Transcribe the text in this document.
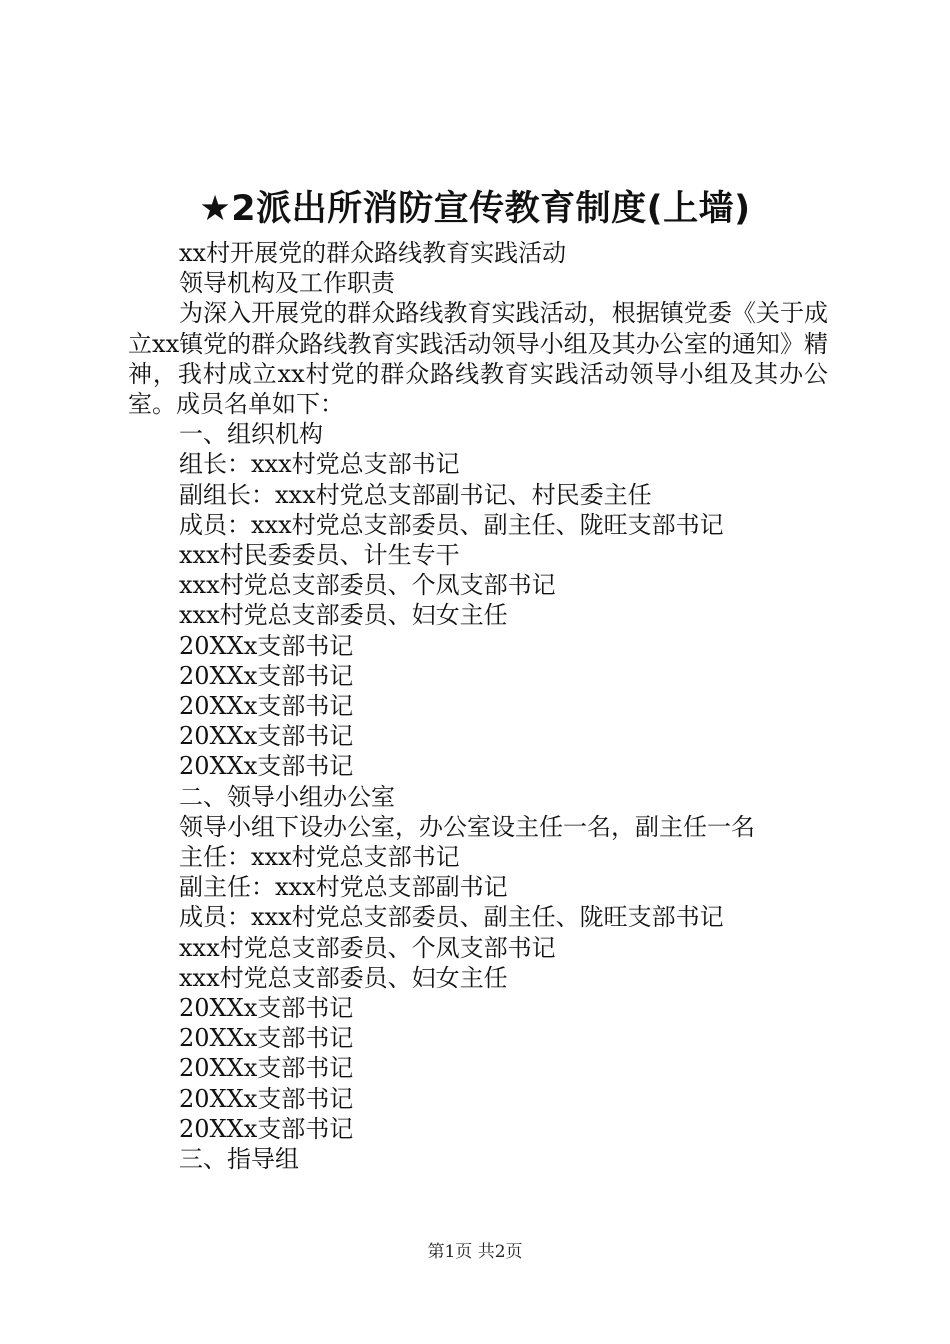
★2派出所消防宣传教育制度(上墙)
xx村开展党的群众路线教育实践活动
领导机构及工作职责
为深入开展党的群众路线教育实践活动，根据镇党委《关于成立xx镇党的群众路线教育实践活动领导小组及其办公室的通知》精神，我村成立xx村党的群众路线教育实践活动领导小组及其办公室。成员名单如下：
一、组织机构
组长：xxx村党总支部书记
副组长：xxx村党总支部副书记、村民委主任
成员：xxx村党总支部委员、副主任、陇旺支部书记
xxx村民委委员、计生专干
xxx村党总支部委员、个凤支部书记
xxx村党总支部委员、妇女主任
20XXx支部书记
20XXx支部书记
20XXx支部书记
20XXx支部书记
20XXx支部书记
二、领导小组办公室
领导小组下设办公室，办公室设主任一名，副主任一名
主任：xxx村党总支部书记
副主任：xxx村党总支部副书记
成员：xxx村党总支部委员、副主任、陇旺支部书记
xxx村党总支部委员、个凤支部书记
xxx村党总支部委员、妇女主任
20XXx支部书记
20XXx支部书记
20XXx支部书记
20XXx支部书记
20XXx支部书记
三、指导组
第1页 共2页
